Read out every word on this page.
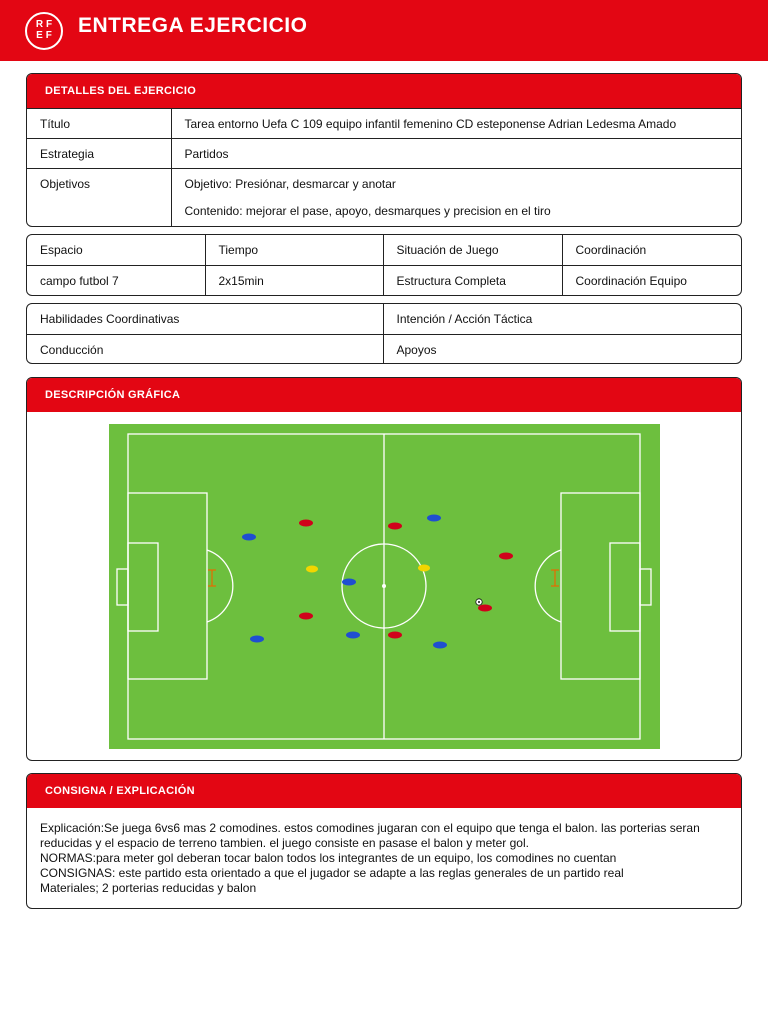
RF EF ENTREGA EJERCICIO
DETALLES DEL EJERCICIO
Título	Tarea entorno Uefa C 109 equipo infantil femenino CD esteponense Adrian Ledesma Amado
Estrategia	Partidos
Objetivos	Objetivo: Presiónar, desmarcar y anotar
Contenido: mejorar el pase, apoyo, desmarques y precision en el tiro
Espacio	Tiempo	Situación de Juego	Coordinación
campo futbol 7	2x15min	Estructura Completa	Coordinación Equipo
Habilidades Coordinativas	Intención / Acción Táctica
Conducción	Apoyos
DESCRIPCIÓN GRÁFICA
CONSIGNA / EXPLICACIÓN
Explicación:Se juega 6vs6 mas 2 comodines. estos comodines jugaran con el equipo que tenga el balon. las porterias seran reducidas y el espacio de terreno tambien. el juego consiste en pasase el balon y meter gol.
NORMAS:para meter gol deberan tocar balon todos los integrantes de un equipo, los comodines no cuentan
CONSIGNAS: este partido esta orientado a que el jugador se adapte a las reglas generales de un partido real
Materiales; 2 porterias reducidas y balon
